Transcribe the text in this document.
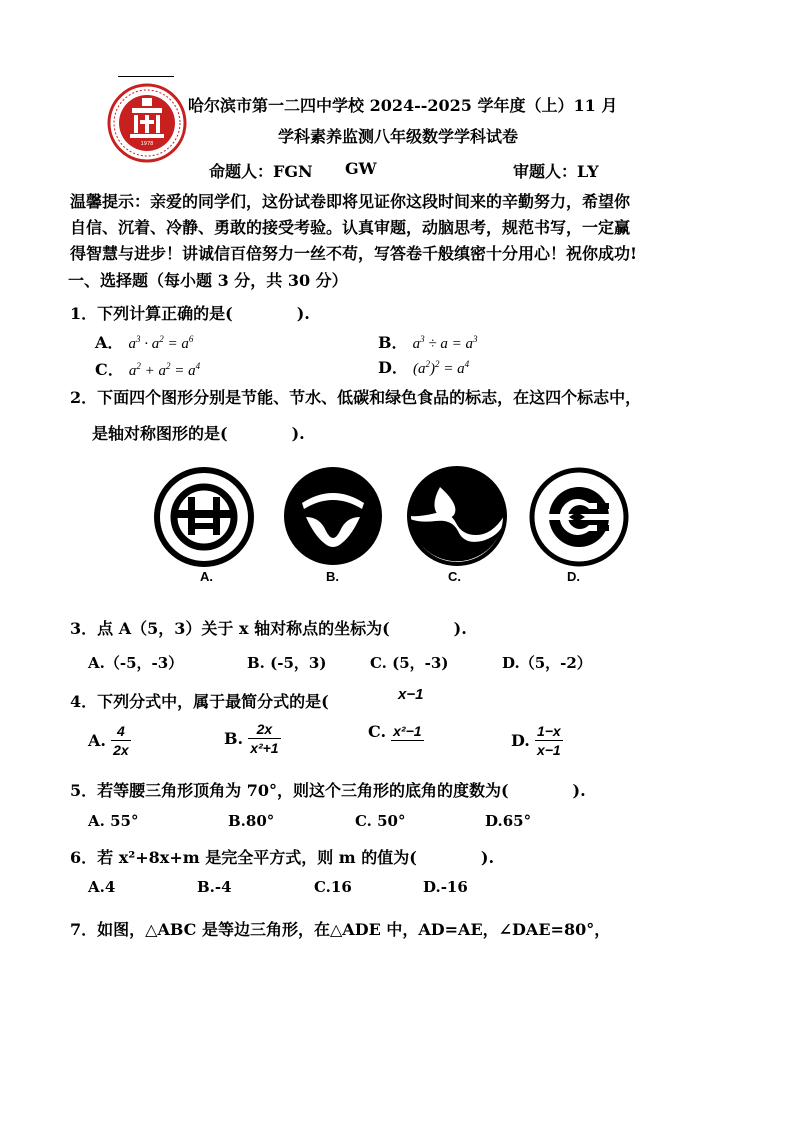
1978
哈尔滨市第一二四中学校 2024--2025 学年度（上）11 月
学科素养监测八年级数学学科试卷
命题人：FGN GW	审题人：LY
温馨提示：亲爱的同学们，这份试卷即将见证你这段时间来的辛勤努力，希望你
自信、沉着、冷静、勇敢的接受考验。认真审题，动脑思考，规范书写，一定赢
得智慧与进步！讲诚信百倍努力一丝不苟，写答卷千般缜密十分用心！祝你成功!
一、选择题（每小题 3 分，共 30 分）
1．下列计算正确的是(　　　　).
A． $a^3 \cdot a^2 = a^6$	B． $a^3 \div a = a^3$
C． $a^2 + a^2 = a^4$	D． $(a^2)^2 = a^4$
2．下面四个图形分别是节能、节水、低碳和绿色食品的标志，在这四个标志中，
是轴对称图形的是(　　　　).
A.	B.	C.	D.
3．点 A（5，3）关于 x 轴对称点的坐标为(　　　　).
A.（-5，-3）	B. (-5，3)	C. (5，-3)	D.（5，-2）
4．下列分式中，属于最简分式的是(	x−1
A. $\frac{4}{2x}$	B. $\frac{2x}{\text{x²+1}}$	C. x²−1	D. $\frac{1-x}{x-1}$
5．若等腰三角形顶角为 70°，则这个三角形的底角的度数为(　　　　).
A. 55°	B.80°	C. 50°	D.65°
6．若 x²+8x+m 是完全平方式，则 m 的值为(　　　　).
A.4	B.-4	C.16	D.-16
7．如图，△ABC 是等边三角形，在△ADE 中，AD=AE，∠DAE=80°，
